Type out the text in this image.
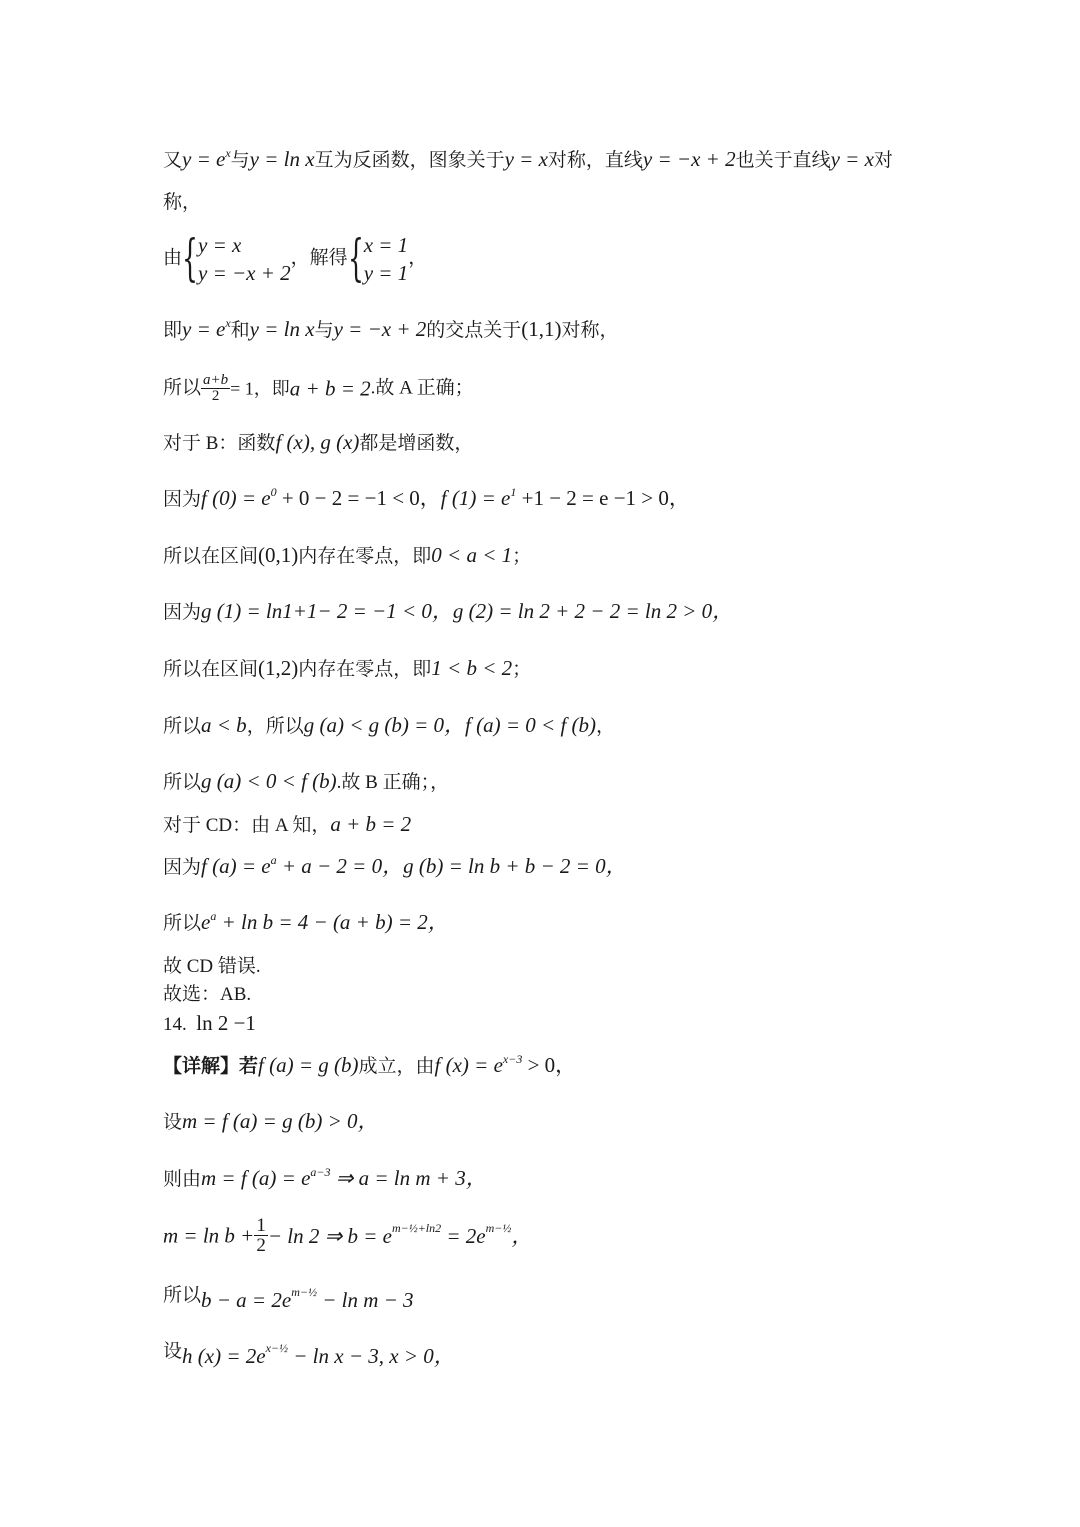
又$y = e^x$与y = ln x互为反函数，图象关于y = x对称，直线y = −x + 2也关于直线y = x对
称，
由 { y = x
y = −x + 2
，解得 { x = 1
y = 1
，
即$y = e^x$和y = ln x与y = −x + 2的交点关于(1,1)对称，
所以 $\frac{a+b}{2} = 1$，即a + b = 2.故 A 正确；
对于 B：函数f (x), g (x)都是增函数，
因为f $(0) = e^0 + 0 - 2 = -1 < 0$，f $(1) = e^1 +1 - 2 = e -1 > 0$，
所以在区间(0,1)内存在零点，即0 < a < 1；
因为g (1) = ln1+1− 2 = −1 < 0，g (2) = ln 2 + 2 − 2 = ln 2 > 0，
所以在区间(1,2)内存在零点，即1 < b < 2；
所以a < b，所以g (a) < g (b) = 0，f (a) = 0 < f (b)，
所以g (a) < 0 < f (b).故 B 正确；，
对于 CD：由 A 知，a + b = 2
因为f $(a) = e^a + a - 2 = 0$，g (b) = ln b + b − 2 = 0，
所以$e^a + \ln b = 4 - (a + b) = 2$，
故 CD 错误.
故选：AB.
14. ln 2 −1
【详解】若f (a) = g (b)成立，由f $(x) = e^{x-3} > 0$，
设m = f (a) = g (b) > 0，
则由m = f $(a) = e^{a-3}$ ⇒ a = ln m + 3，
$m = \ln b + \frac{1}{2} - \ln 2$ ⇒ b = em−½+ln2 = 2em−½，
所以b − a = 2em−½ − ln m − 3
设h (x) = 2ex−½ − ln x − 3, x > 0，
